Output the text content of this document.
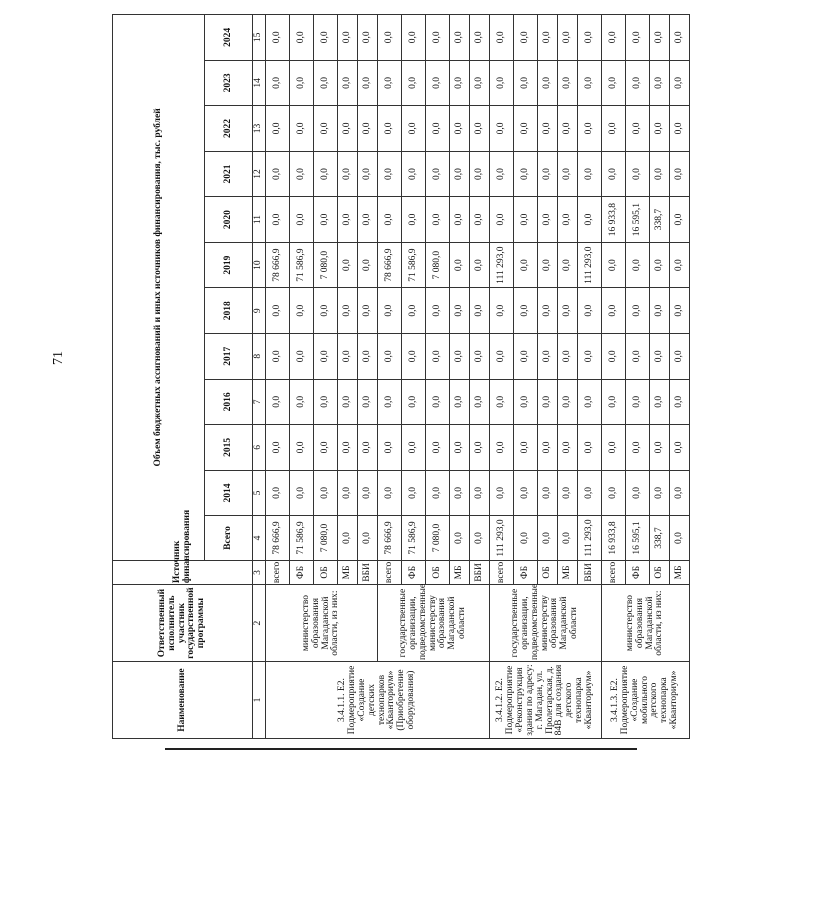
71
Наименование	Ответственный исполнитель участник государственной программы	Источник финансирования	Объем бюджетных ассигнований и иных источников финансирования, тыс. рублей											
			Всего	2014	2015	2016	2017	2018	2019	2020	2021	2022	2023	2024
1	2	3	4	5	6	7	8	9	10	11	12	13	14	15
3.4.1.1. E2. Подмероприятие «Создание детских технопарков «Кванториум» (Приобретение оборудования)	министерство образования Магаданской области, из них:	всего	78 666,9	0,0	0,0	0,0	0,0	0,0	78 666,9	0,0	0,0	0,0	0,0	0,0
		ФБ	71 586,9	0,0	0,0	0,0	0,0	0,0	71 586,9	0,0	0,0	0,0	0,0	0,0
		ОБ	7 080,0	0,0	0,0	0,0	0,0	0,0	7 080,0	0,0	0,0	0,0	0,0	0,0
		МБ	0,0	0,0	0,0	0,0	0,0	0,0	0,0	0,0	0,0	0,0	0,0	0,0
		ВБИ	0,0	0,0	0,0	0,0	0,0	0,0	0,0	0,0	0,0	0,0	0,0	0,0
	государственные организации, подведомственные министерству образования Магаданской области	всего	78 666,9	0,0	0,0	0,0	0,0	0,0	78 666,9	0,0	0,0	0,0	0,0	0,0
		ФБ	71 586,9	0,0	0,0	0,0	0,0	0,0	71 586,9	0,0	0,0	0,0	0,0	0,0
		ОБ	7 080,0	0,0	0,0	0,0	0,0	0,0	7 080,0	0,0	0,0	0,0	0,0	0,0
		МБ	0,0	0,0	0,0	0,0	0,0	0,0	0,0	0,0	0,0	0,0	0,0	0,0
		ВБИ	0,0	0,0	0,0	0,0	0,0	0,0	0,0	0,0	0,0	0,0	0,0	0,0
3.4.1.2. E2. Подмероприятие «Реконструкция здания по адресу: г. Магадан, ул. Пролетарская, д. 84В для создания детского технопарка «Кванториум»	государственные организации, подведомственные министерству образования Магаданской области	всего	111 293,0	0,0	0,0	0,0	0,0	0,0	111 293,0	0,0	0,0	0,0	0,0	0,0
		ФБ	0,0	0,0	0,0	0,0	0,0	0,0	0,0	0,0	0,0	0,0	0,0	0,0
		ОБ	0,0	0,0	0,0	0,0	0,0	0,0	0,0	0,0	0,0	0,0	0,0	0,0
		МБ	0,0	0,0	0,0	0,0	0,0	0,0	0,0	0,0	0,0	0,0	0,0	0,0
		ВБИ	111 293,0	0,0	0,0	0,0	0,0	0,0	111 293,0	0,0	0,0	0,0	0,0	0,0
3.4.1.3. E2. Подмероприятие «Создание мобильного детского технопарка «Кванториум»	министерство образования Магаданской области, из них:	всего	16 933,8	0,0	0,0	0,0	0,0	0,0	0,0	16 933,8	0,0	0,0	0,0	0,0
		ФБ	16 595,1	0,0	0,0	0,0	0,0	0,0	0,0	16 595,1	0,0	0,0	0,0	0,0
		ОБ	338,7	0,0	0,0	0,0	0,0	0,0	0,0	338,7	0,0	0,0	0,0	0,0
		МБ	0,0	0,0	0,0	0,0	0,0	0,0	0,0	0,0	0,0	0,0	0,0	0,0
